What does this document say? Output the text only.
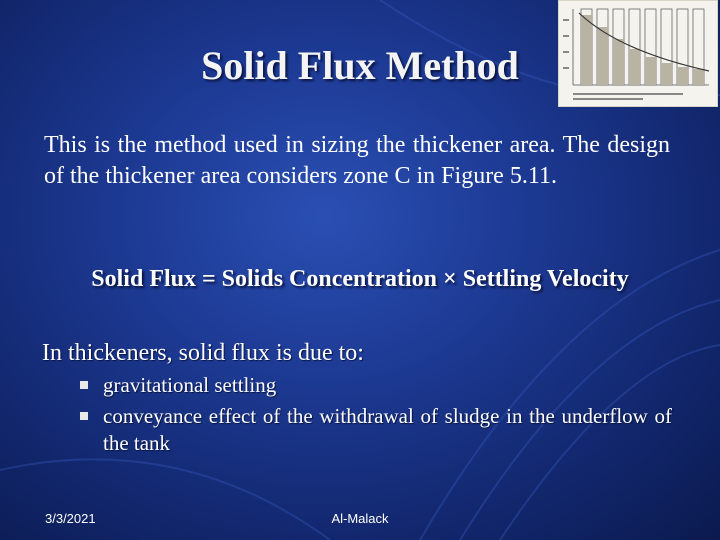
Solid Flux Method
This is the method used in sizing the thickener area. The design of the thickener area considers zone C in Figure 5.11.
Solid Flux = Solids Concentration × Settling Velocity
In thickeners, solid flux is due to:
gravitational settling
conveyance effect of the withdrawal of sludge in the underflow of the tank
3/3/2021	Al-Malack
